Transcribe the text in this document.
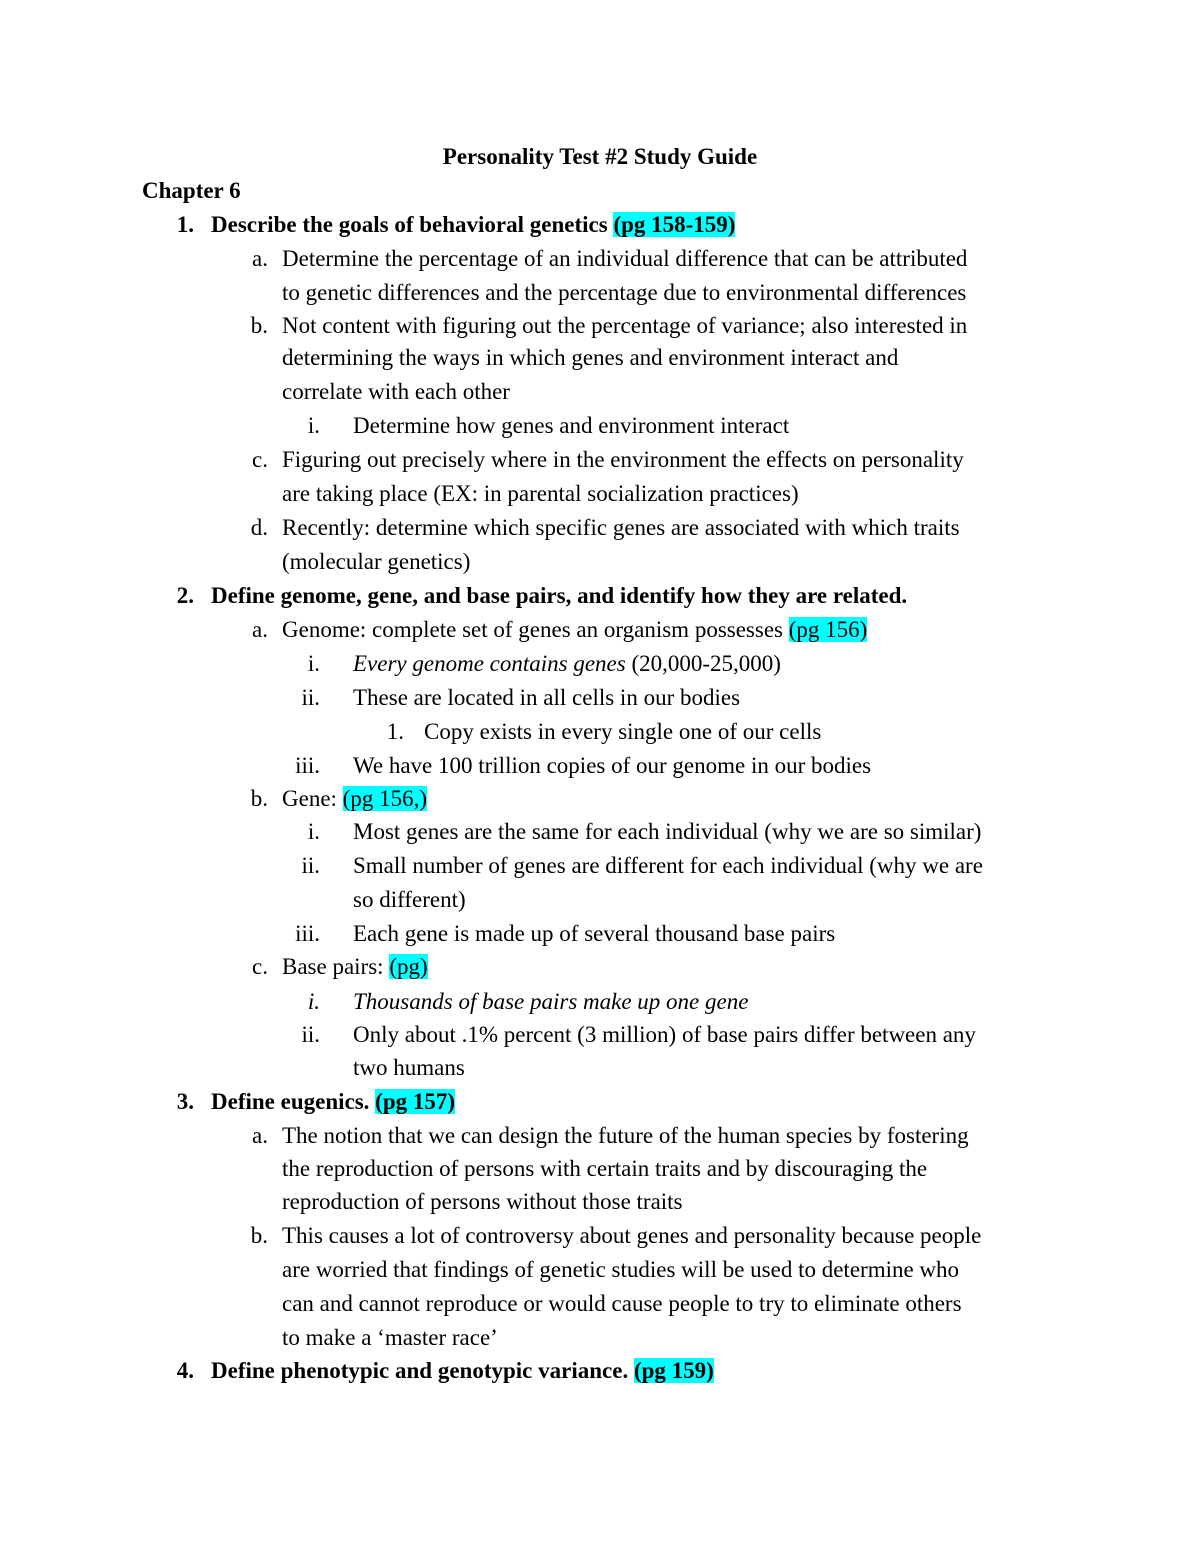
Personality Test #2 Study Guide
Chapter 6
1. Describe the goals of behavioral genetics (pg 158-159)
a. Determine the percentage of an individual difference that can be attributed
to genetic differences and the percentage due to environmental differences
b. Not content with figuring out the percentage of variance; also interested in
determining the ways in which genes and environment interact and
correlate with each other
i. Determine how genes and environment interact
c. Figuring out precisely where in the environment the effects on personality
are taking place (EX: in parental socialization practices)
d. Recently: determine which specific genes are associated with which traits
(molecular genetics)
2. Define genome, gene, and base pairs, and identify how they are related.
a. Genome: complete set of genes an organism possesses (pg 156)
i. Every genome contains genes (20,000-25,000)
ii. These are located in all cells in our bodies
1. Copy exists in every single one of our cells
iii. We have 100 trillion copies of our genome in our bodies
b. Gene: (pg 156,)
i. Most genes are the same for each individual (why we are so similar)
ii. Small number of genes are different for each individual (why we are
so different)
iii. Each gene is made up of several thousand base pairs
c. Base pairs: (pg)
i. Thousands of base pairs make up one gene
ii. Only about .1% percent (3 million) of base pairs differ between any
two humans
3. Define eugenics. (pg 157)
a. The notion that we can design the future of the human species by fostering
the reproduction of persons with certain traits and by discouraging the
reproduction of persons without those traits
b. This causes a lot of controversy about genes and personality because people
are worried that findings of genetic studies will be used to determine who
can and cannot reproduce or would cause people to try to eliminate others
to make a ‘master race’
4. Define phenotypic and genotypic variance. (pg 159)
